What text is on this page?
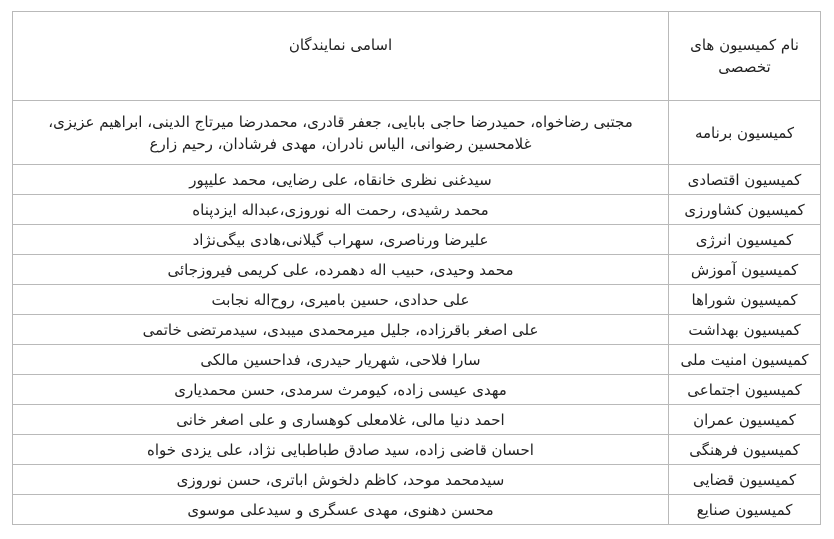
نام کمیسیون های تخصصی	اسامی نمایندگان
کمیسیون برنامه	مجتبی رضاخواه، حمیدرضا حاجی بابایی، جعفر قادری، محمدرضا میرتاج الدینی، ابراهیم عزیزی، غلامحسین رضوانی، الیاس نادران، مهدی فرشادان، رحیم زارع
کمیسیون اقتصادی	سیدغنی نظری خانقاه، علی رضایی، محمد علیپور
کمیسیون کشاورزی	محمد رشیدی، رحمت اله نوروزی،عبداله ایزدپناه
کمیسیون انرژی	علیرضا ورناصری، سهراب گیلانی،هادی بیگی‌نژاد
کمیسیون آموزش	محمد وحیدی، حبیب اله دهمرده، علی کریمی فیروزجائی
کمیسیون شوراها	علی حدادی، حسین بامیری، روح‌اله نجابت
کمیسیون بهداشت	علی اصغر باقرزاده، جلیل میرمحمدی میبدی، سیدمرتضی خاتمی
کمیسیون امنیت ملی	سارا فلاحی، شهریار حیدری، فداحسین مالکی
کمیسیون اجتماعی	مهدی عیسی زاده، کیومرث سرمدی، حسن محمدیاری
کمیسیون عمران	احمد دنیا مالی، غلامعلی کوهساری و علی اصغر خانی
کمیسیون فرهنگی	احسان قاضی زاده، سید صادق طباطبایی نژاد، علی یزدی خواه
کمیسیون قضایی	سیدمحمد موحد، کاظم دلخوش اباتری، حسن نوروزی
کمیسیون صنایع	محسن دهنوی، مهدی عسگری و سیدعلی موسوی
